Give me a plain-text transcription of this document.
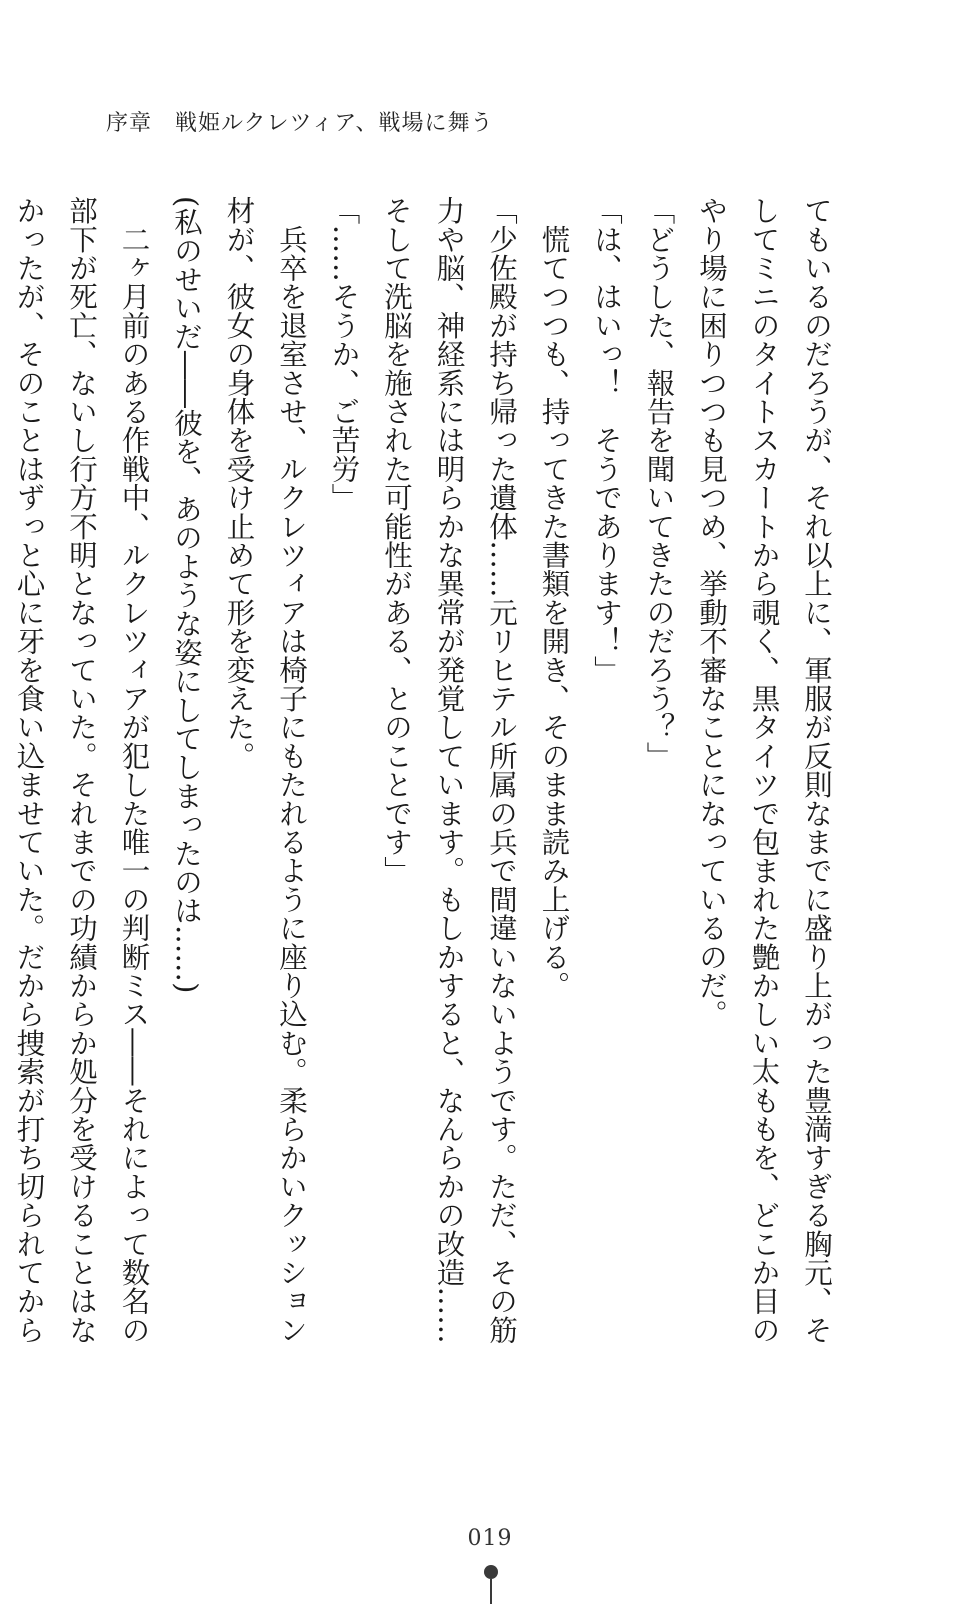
序章　戦姫ルクレツィア、戦場に舞う

てもいるのだろうが、それ以上に、軍服が反則なまでに盛り上がった豊満すぎる胸元、そ

してミニのタイトスカートから覗く、黒タイツで包まれた艶かしい太ももを、どこか目の

やり場に困りつつも見つめ、挙動不審なことになっているのだ。

「どうした、報告を聞いてきたのだろう？」

「は、はいっ！　そうであります！」

　慌てつつも、持ってきた書類を開き、そのまま読み上げる。

「少佐殿が持ち帰った遺体……元リヒテル所属の兵で間違いないようです。ただ、その筋

力や脳、神経系には明らかな異常が発覚しています。もしかすると、なんらかの改造……

そして洗脳を施された可能性がある、とのことです」

「……そうか、ご苦労」

　兵卒を退室させ、ルクレツィアは椅子にもたれるように座り込む。柔らかいクッション

材が、彼女の身体を受け止めて形を変えた。

(私のせいだ――彼を、あのような姿にしてしまったのは……)

　二ヶ月前のある作戦中、ルクレツィアが犯した唯一の判断ミス――それによって数名の

部下が死亡、ないし行方不明となっていた。それまでの功績からか処分を受けることはな

かったが、そのことはずっと心に牙を食い込ませていた。だから捜索が打ち切られてから

019
